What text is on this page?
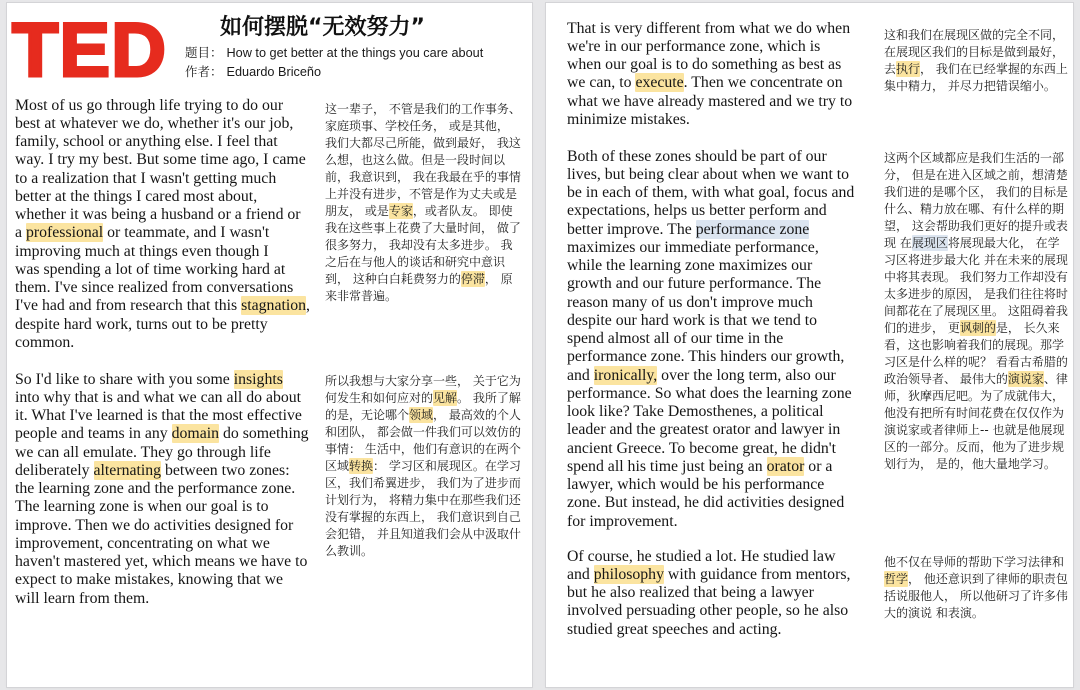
TED 如何摆脱“无效努力”
题目： How to get better at the things you care about
作者： Eduardo Briceño
Most of us go through life trying to do our
best at whatever we do, whether it's our job,
family, school or anything else. I feel that
way. I try my best. But some time ago, I came
to a realization that I wasn't getting much
better at the things I cared most about,
whether it was being a husband or a friend or
a professional or teammate, and I wasn't
improving much at things even though I
was spending a lot of time working hard at
them. I've since realized from conversations
I've had and from research that this stagnation,
despite hard work, turns out to be pretty
common.
这一辈子， 不管是我们的工作事务、
家庭琐事、学校任务， 或是其他，
我们大都尽己所能，做到最好， 我这
么想，也这么做。但是一段时间以
前，我意识到， 我在我最在乎的事情
上并没有进步，不管是作为丈夫或是
朋友， 或是专家，或者队友。 即使
我在这些事上花费了大量时间， 做了
很多努力， 我却没有太多进步。 我
之后在与他人的谈话和研究中意识
到， 这种白白耗费努力的停滞， 原
来非常普遍。
So I'd like to share with you some insights
into why that is and what we can all do about
it. What I've learned is that the most effective
people and teams in any domain do something
we can all emulate. They go through life
deliberately alternating between two zones:
the learning zone and the performance zone.
The learning zone is when our goal is to
improve. Then we do activities designed for
improvement, concentrating on what we
haven't mastered yet, which means we have to
expect to make mistakes, knowing that we
will learn from them.
所以我想与大家分享一些， 关于它为
何发生和如何应对的见解。 我所了解
的是，无论哪个领域， 最高效的个人
和团队， 都会做一件我们可以效仿的
事情： 生活中，他们有意识的在两个
区域转换： 学习区和展现区。在学习
区，我们希翼进步， 我们为了进步而
计划行为， 将精力集中在那些我们还
没有掌握的东西上， 我们意识到自己
会犯错， 并且知道我们会从中汲取什
么教训。
That is very different from what we do when
we're in our performance zone, which is
when our goal is to do something as best as
we can, to execute. Then we concentrate on
what we have already mastered and we try to
minimize mistakes.
这和我们在展现区做的完全不同，
在展现区我们的目标是做到最好，
去执行， 我们在已经掌握的东西上
集中精力， 并尽力把错误缩小。
Both of these zones should be part of our
lives, but being clear about when we want to
be in each of them, with what goal, focus and
expectations, helps us better perform and
better improve. The performance zone
maximizes our immediate performance,
while the learning zone maximizes our
growth and our future performance. The
reason many of us don't improve much
despite our hard work is that we tend to
spend almost all of our time in the
performance zone. This hinders our growth,
and ironically, over the long term, also our
performance. So what does the learning zone
look like? Take Demosthenes, a political
leader and the greatest orator and lawyer in
ancient Greece. To become great, he didn't
spend all his time just being an orator or a
lawyer, which would be his performance
zone. But instead, he did activities designed
for improvement.
这两个区域都应是我们生活的一部
分， 但是在进入区域之前，想清楚
我们进的是哪个区， 我们的目标是
什么、精力放在哪、有什么样的期
望， 这会帮助我们更好的提升或表
现 在展现区将展现最大化， 在学
习区将进步最大化 并在未来的展现
中将其表现。 我们努力工作却没有
太多进步的原因， 是我们往往将时
间都花在了展现区里。 这阻碍着我
们的进步， 更讽刺的是， 长久来
看，这也影响着我们的展现。那学
习区是什么样的呢？ 看看古希腊的
政治领导者、 最伟大的演说家、律
师，狄摩西尼吧。为了成就伟大，
他没有把所有时间花费在仅仅作为
演说家或者律师上-- 也就是他展现
区的一部分。反而，他为了进步规
划行为， 是的，他大量地学习。
Of course, he studied a lot. He studied law
and philosophy with guidance from mentors,
but he also realized that being a lawyer
involved persuading other people, so he also
studied great speeches and acting.
他不仅在导师的帮助下学习法律和
哲学， 他还意识到了律师的职责包
括说服他人， 所以他研习了许多伟
大的演说 和表演。
